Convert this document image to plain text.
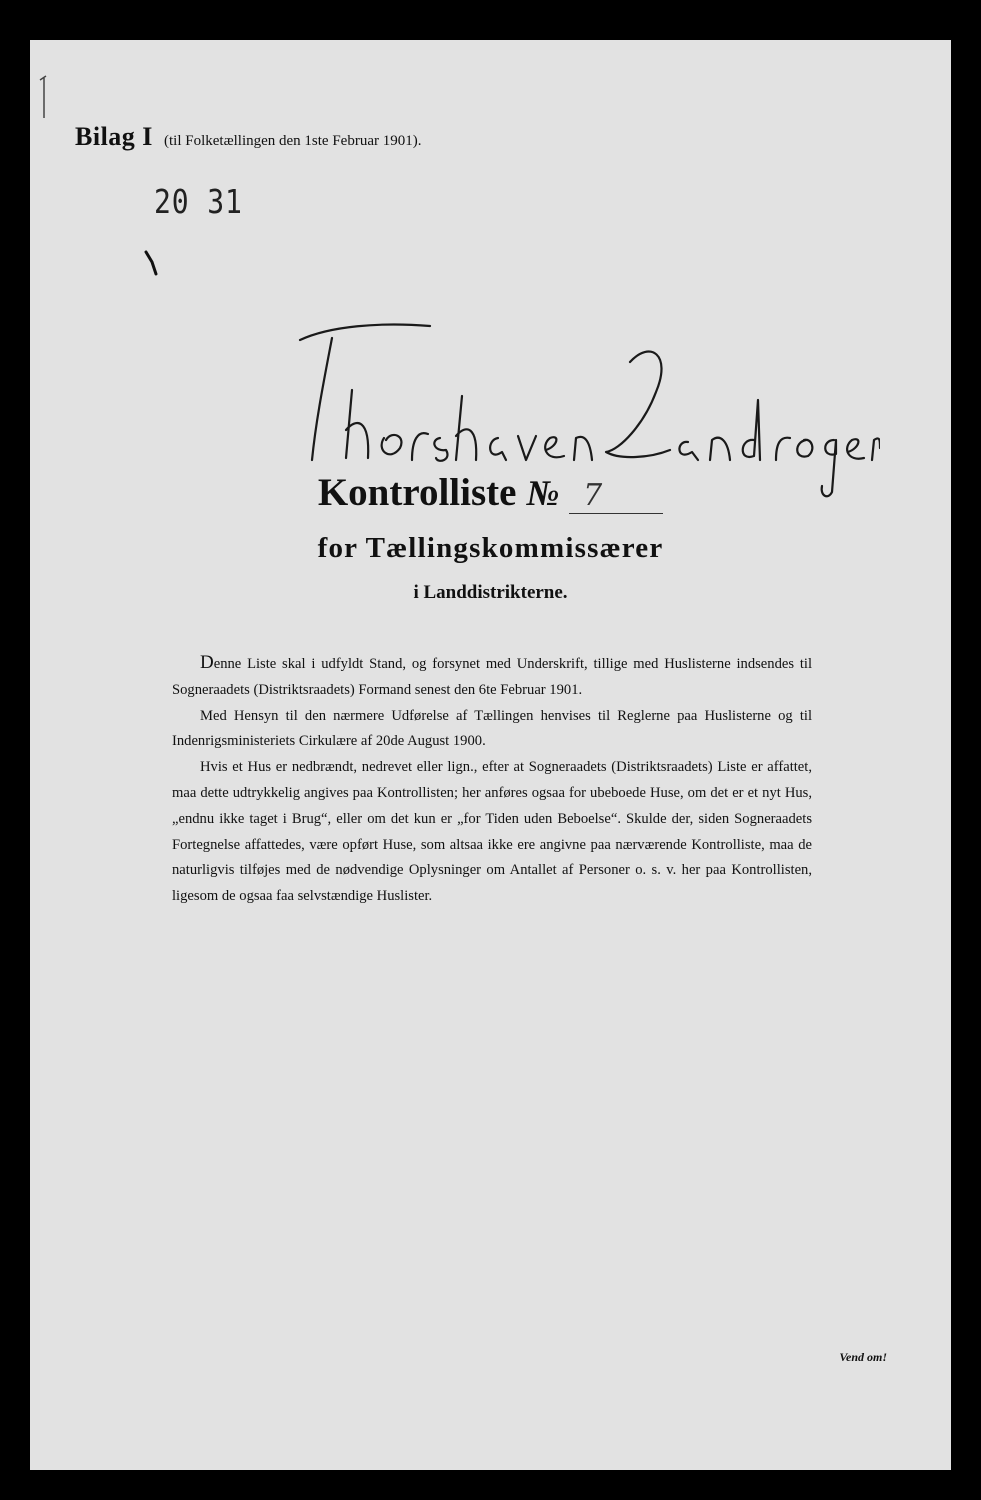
Bilag I (til Folketællingen den 1ste Februar 1901).
20 31
Kontrolliste № 7
for Tællingskommissærer
i Landdistrikterne.

Denne Liste skal i udfyldt Stand, og forsynet med Underskrift, tillige med Huslisterne indsendes til Sogneraadets (Distriktsraadets) Formand senest den 6te Februar 1901.

Med Hensyn til den nærmere Udførelse af Tællingen henvises til Reglerne paa Huslisterne og til Indenrigsministeriets Cirkulære af 20de August 1900.

Hvis et Hus er nedbrændt, nedrevet eller lign., efter at Sogneraadets (Distriktsraadets) Liste er affattet, maa dette udtrykkelig angives paa Kontrollisten; her anføres ogsaa for ubeboede Huse, om det er et nyt Hus, „endnu ikke taget i Brug“, eller om det kun er „for Tiden uden Beboelse“. Skulde der, siden Sogneraadets Fortegnelse affattedes, være opført Huse, som altsaa ikke ere angivne paa nærværende Kontrolliste, maa de naturligvis tilføjes med de nødvendige Oplysninger om Antallet af Personer o. s. v. her paa Kontrollisten, ligesom de ogsaa faa selvstændige Huslister.

Vend om!
